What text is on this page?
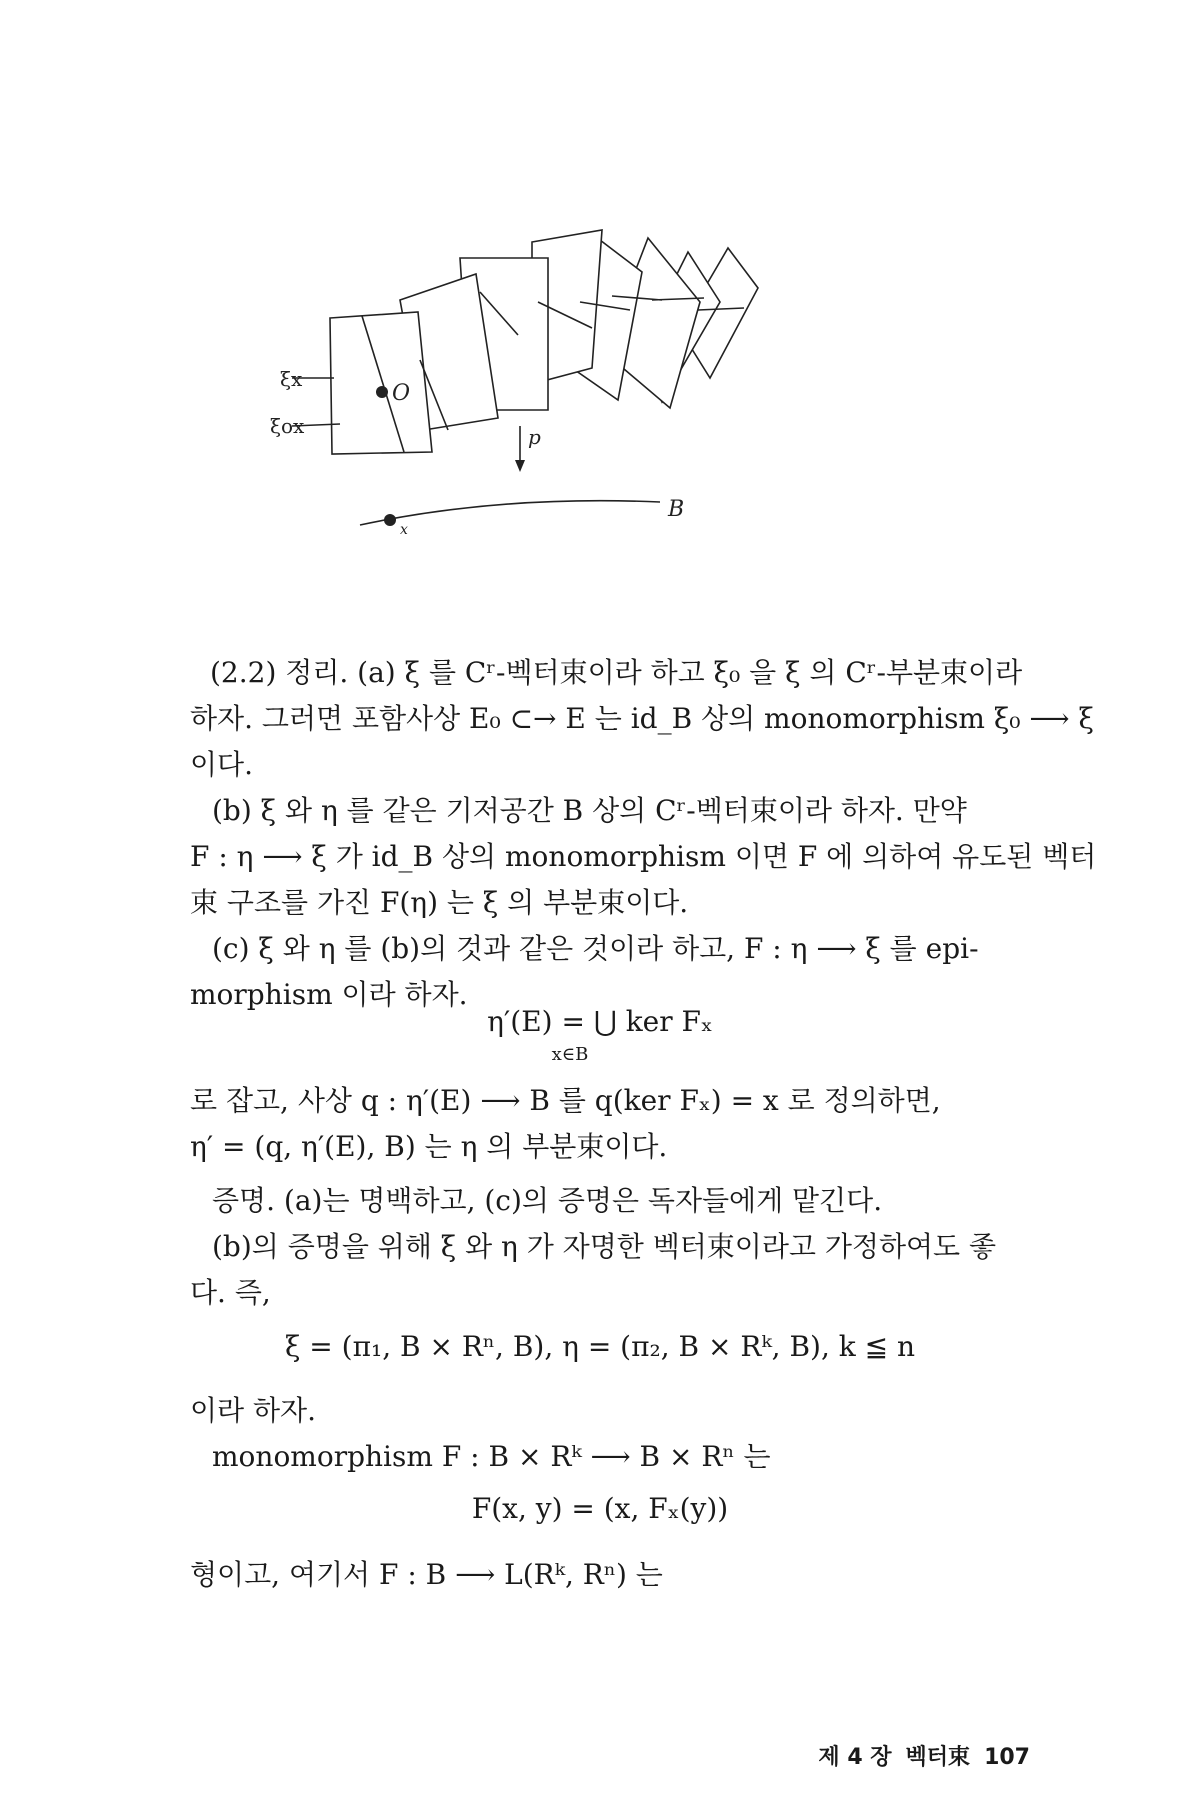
ξx
ξox
O
p
x
B
(2.2) 정리. (a) ξ 를 Cʳ-벡터束이라 하고 ξ₀ 을 ξ 의 Cʳ-부분束이라
하자. 그러면 포함사상 E₀ ⊂→ E 는 id_B 상의 monomorphism ξ₀ ⟶ ξ
이다.
(b) ξ 와 η 를 같은 기저공간 B 상의 Cʳ-벡터束이라 하자. 만약
F : η ⟶ ξ 가 id_B 상의 monomorphism 이면 F 에 의하여 유도된 벡터
束 구조를 가진 F(η) 는 ξ 의 부분束이다.
(c) ξ 와 η 를 (b)의 것과 같은 것이라 하고, F : η ⟶ ξ 를 epi-
morphism 이라 하자.
η′(E) = ⋃ ker Fₓ
x∈B
로 잡고, 사상 q : η′(E) ⟶ B 를 q(ker Fₓ) = x 로 정의하면,
η′ = (q, η′(E), B) 는 η 의 부분束이다.
증명. (a)는 명백하고, (c)의 증명은 독자들에게 맡긴다.
(b)의 증명을 위해 ξ 와 η 가 자명한 벡터束이라고 가정하여도 좋
다. 즉,
ξ = (π₁, B × Rⁿ, B), η = (π₂, B × Rᵏ, B), k ≦ n
이라 하자.
monomorphism F : B × Rᵏ ⟶ B × Rⁿ 는
F(x, y) = (x, Fₓ(y))
형이고, 여기서 F : B ⟶ L(Rᵏ, Rⁿ) 는
제 4 장 벡터束 107
